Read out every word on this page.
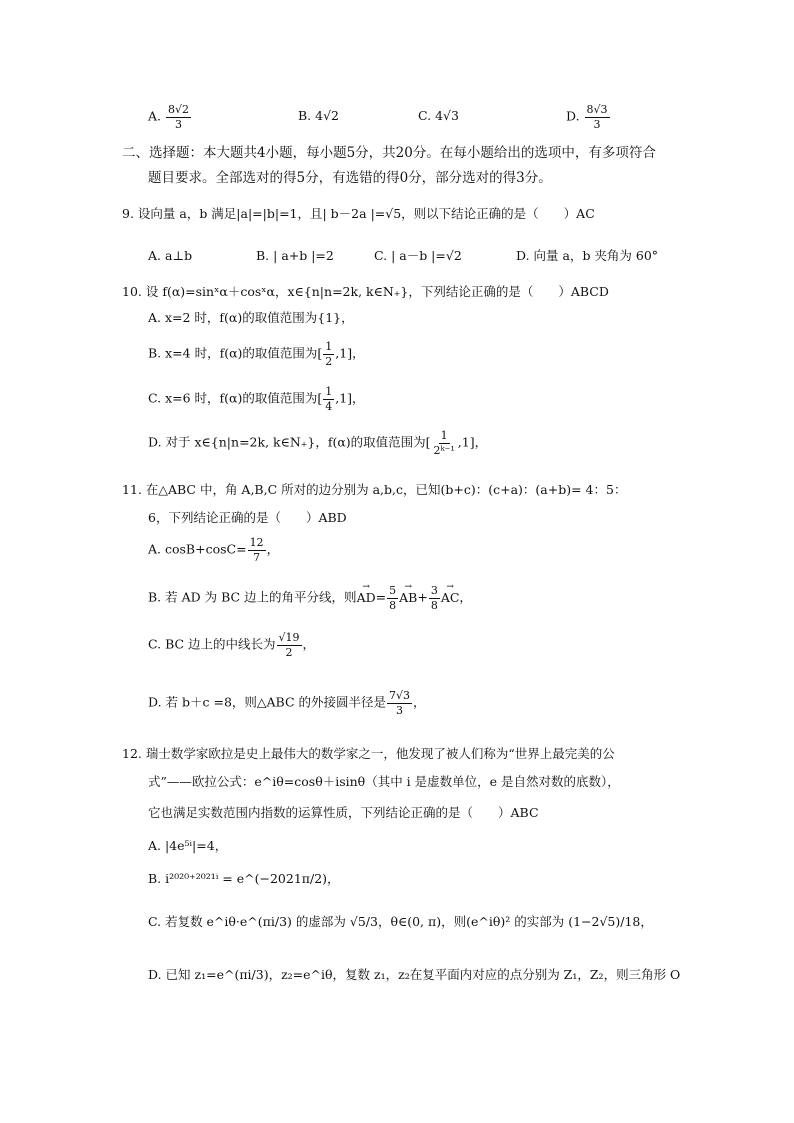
A. $\frac{8√2}{3}$	B. 4√2	C. 4√3	D. $\frac{8√3}{3}$
二、选择题：本大题共4小题，每小题5分，共20分。在每小题给出的选项中，有多项符合
题目要求。全部选对的得5分，有选错的得0分，部分选对的得3分。
9. 设向量 a，b 满足|a|=|b|=1，且| b－2a |=√5，则以下结论正确的是（　　）AC
A. a⊥b	B. | a+b |=2	C. | a－b |=√2	D. 向量 a，b 夹角为 60°
10. 设 f(α)=sinˣα＋cosˣα，x∈{n|n=2k, k∈N₊}，下列结论正确的是（　　）ABCD
A. x=2 时，f(α)的取值范围为{1}，
B. x=4 时，f(α)的取值范围为[ $\frac{1}{2} ,1$]，
C. x=6 时，f(α)的取值范围为[ $\frac{1}{4} ,1$]，
D. 对于 x∈{n|n=2k, k∈N₊}，f(α)的取值范围为[ $\frac{1}{\text{2ᵏ⁻¹}} ,1$]，
11. 在△ABC 中，角 A,B,C 所对的边分别为 a,b,c，已知(b+c)：(c+a)：(a+b)= 4：5：
6，下列结论正确的是（　　）ABD
A. $\cos B+\cos C= \frac{12}{7}$ ，
B. 若 AD 为 BC 边上的角平分线，则AD →= $\frac{5}{8}$ AB →+ $\frac{3}{8}$ AC →，
C. BC 边上的中线长为 $\frac{√19}{2}$ ，
D. 若 b＋c =8，则△ABC 的外接圆半径是 $\frac{7√3}{3}$ ，
12. 瑞士数学家欧拉是史上最伟大的数学家之一，他发现了被人们称为“世界上最完美的公
式”——欧拉公式：e^iθ=cosθ＋isinθ（其中 i 是虚数单位，e 是自然对数的底数），
它也满足实数范围内指数的运算性质，下列结论正确的是（　　）ABC
A. |4e⁵ⁱ|=4，
B. i²⁰²⁰⁺²⁰²¹ⁱ = e^(−2021π/2)，
C. 若复数 e^iθ·e^(πi/3) 的虚部为 √5/3，θ∈(0, π)，则(e^iθ)² 的实部为 (1−2√5)/18，
D. 已知 z₁=e^(πi/3)，z₂=e^iθ，复数 z₁，z₂在复平面内对应的点分别为 Z₁，Z₂，则三角形 O
